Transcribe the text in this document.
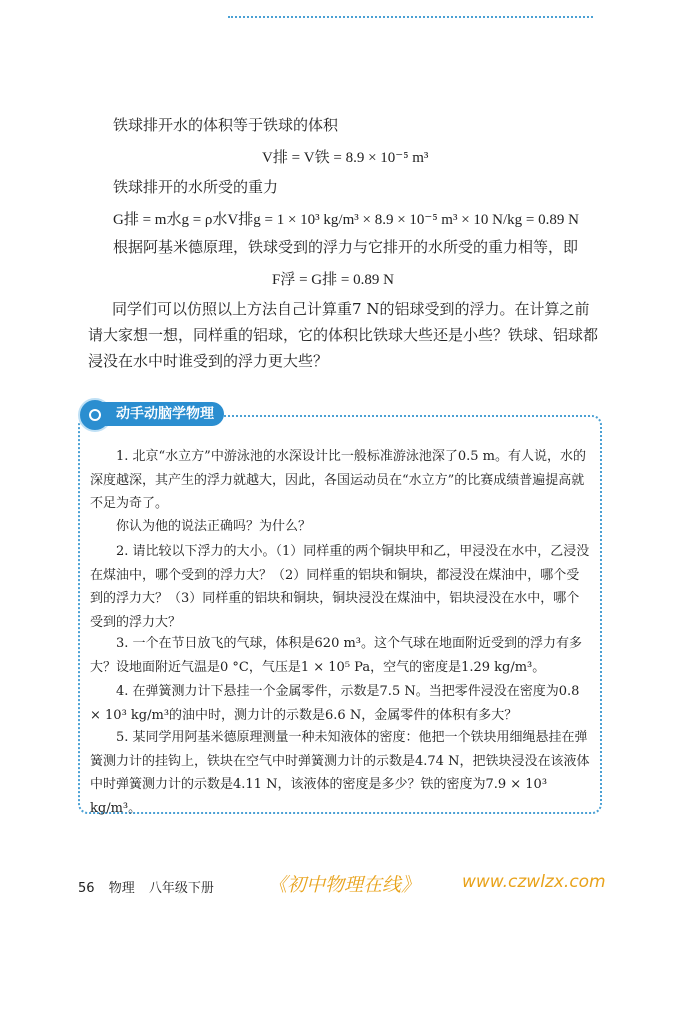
铁球排开水的体积等于铁球的体积
V排 = V铁 = 8.9 × 10⁻⁵ m³
铁球排开的水所受的重力
G排 = m水g = ρ水V排g = 1 × 10³ kg/m³ × 8.9 × 10⁻⁵ m³ × 10 N/kg = 0.89 N
根据阿基米德原理，铁球受到的浮力与它排开的水所受的重力相等，即
F浮 = G排 = 0.89 N
同学们可以仿照以上方法自己计算重7 N的铝球受到的浮力。在计算之前请大家想一想，同样重的铝球，它的体积比铁球大些还是小些？铁球、铝球都浸没在水中时谁受到的浮力更大些？
动手动脑学物理
1. 北京“水立方”中游泳池的水深设计比一般标准游泳池深了0.5 m。有人说，水的深度越深，其产生的浮力就越大，因此，各国运动员在“水立方”的比赛成绩普遍提高就不足为奇了。
你认为他的说法正确吗？为什么？
2. 请比较以下浮力的大小。（1）同样重的两个铜块甲和乙，甲浸没在水中，乙浸没在煤油中，哪个受到的浮力大？（2）同样重的铝块和铜块，都浸没在煤油中，哪个受到的浮力大？（3）同样重的铝块和铜块，铜块浸没在煤油中，铝块浸没在水中，哪个受到的浮力大？
3. 一个在节日放飞的气球，体积是620 m³。这个气球在地面附近受到的浮力有多大？设地面附近气温是0 °C，气压是1 × 10⁵ Pa，空气的密度是1.29 kg/m³。
4. 在弹簧测力计下悬挂一个金属零件，示数是7.5 N。当把零件浸没在密度为0.8 × 10³ kg/m³的油中时，测力计的示数是6.6 N，金属零件的体积有多大？
5. 某同学用阿基米德原理测量一种未知液体的密度：他把一个铁块用细绳悬挂在弹簧测力计的挂钩上，铁块在空气中时弹簧测力计的示数是4.74 N，把铁块浸没在该液体中时弹簧测力计的示数是4.11 N，该液体的密度是多少？铁的密度为7.9 × 10³ kg/m³。
56 物理 八年级下册	《初中物理在线》 www.czwlzx.com
